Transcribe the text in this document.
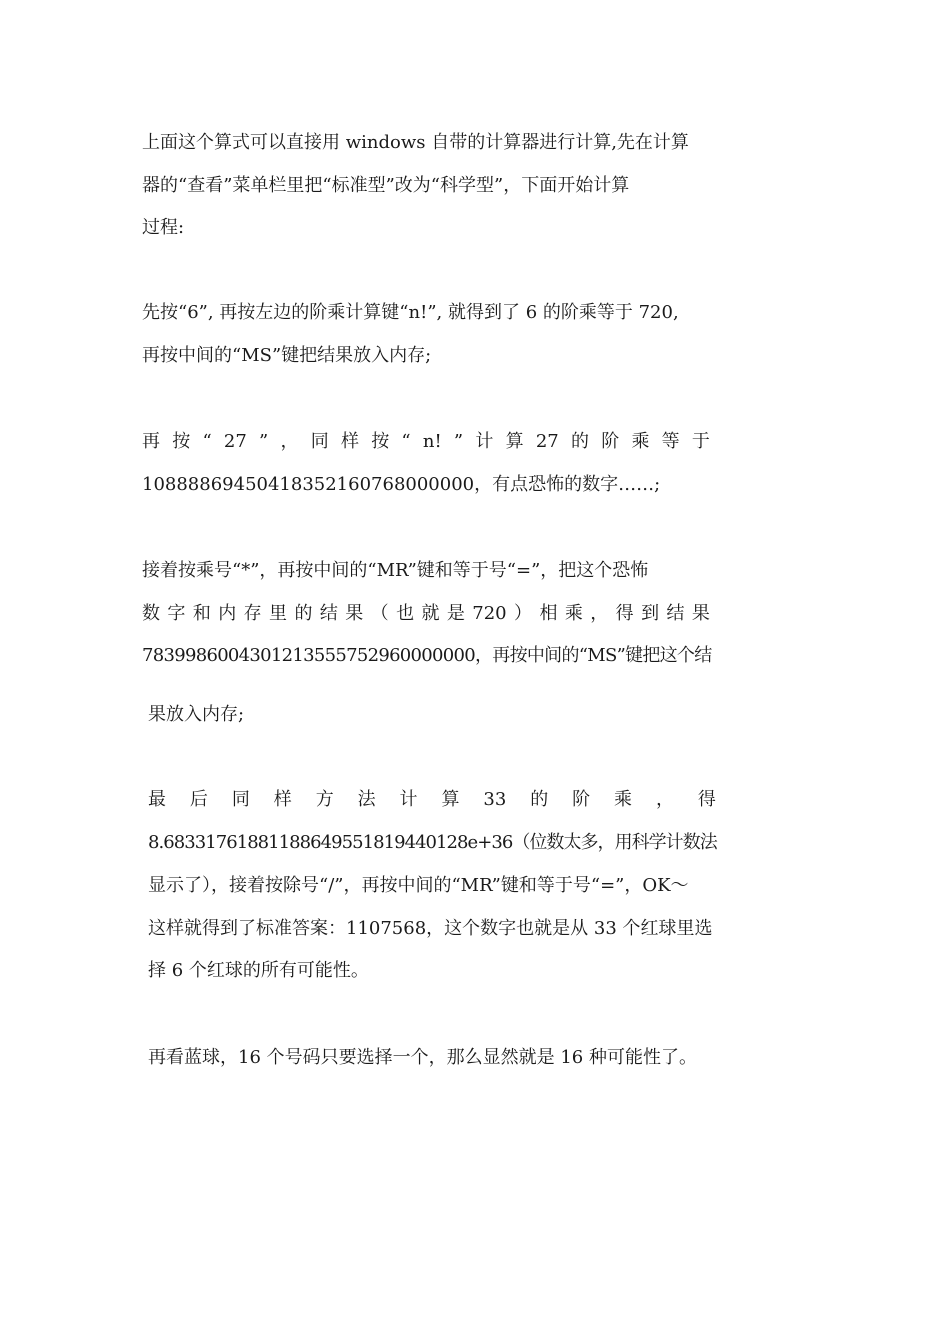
上面这个算式可以直接用 windows 自带的计算器进行计算,先在计算
器的“查看”菜单栏里把“标准型”改为“科学型”，下面开始计算
过程:
先按“6”, 再按左边的阶乘计算键“n!”, 就得到了 6 的阶乘等于 720,
再按中间的“MS”键把结果放入内存;
再 按 “ 27 ” ， 同 样 按 “ n! ” 计 算 27 的 阶 乘 等 于
10888869450418352160768000000，有点恐怖的数字……;
接着按乘号“*”，再按中间的“MR”键和等于号“=”，把这个恐怖
数 字 和 内 存 里 的 结 果 （ 也 就 是 720 ） 相 乘 ， 得 到 结 果
7839986004301213555752960000000，再按中间的“MS”键把这个结
果放入内存;
最 后 同 样 方 法 计 算 33 的 阶 乘 ， 得
8.68331761881188649551819440128e+36（位数太多，用科学计数法
显示了），接着按除号“/”，再按中间的“MR”键和等于号“=”，OK～
这样就得到了标准答案：1107568，这个数字也就是从 33 个红球里选
择 6 个红球的所有可能性。
再看蓝球，16 个号码只要选择一个，那么显然就是 16 种可能性了。
